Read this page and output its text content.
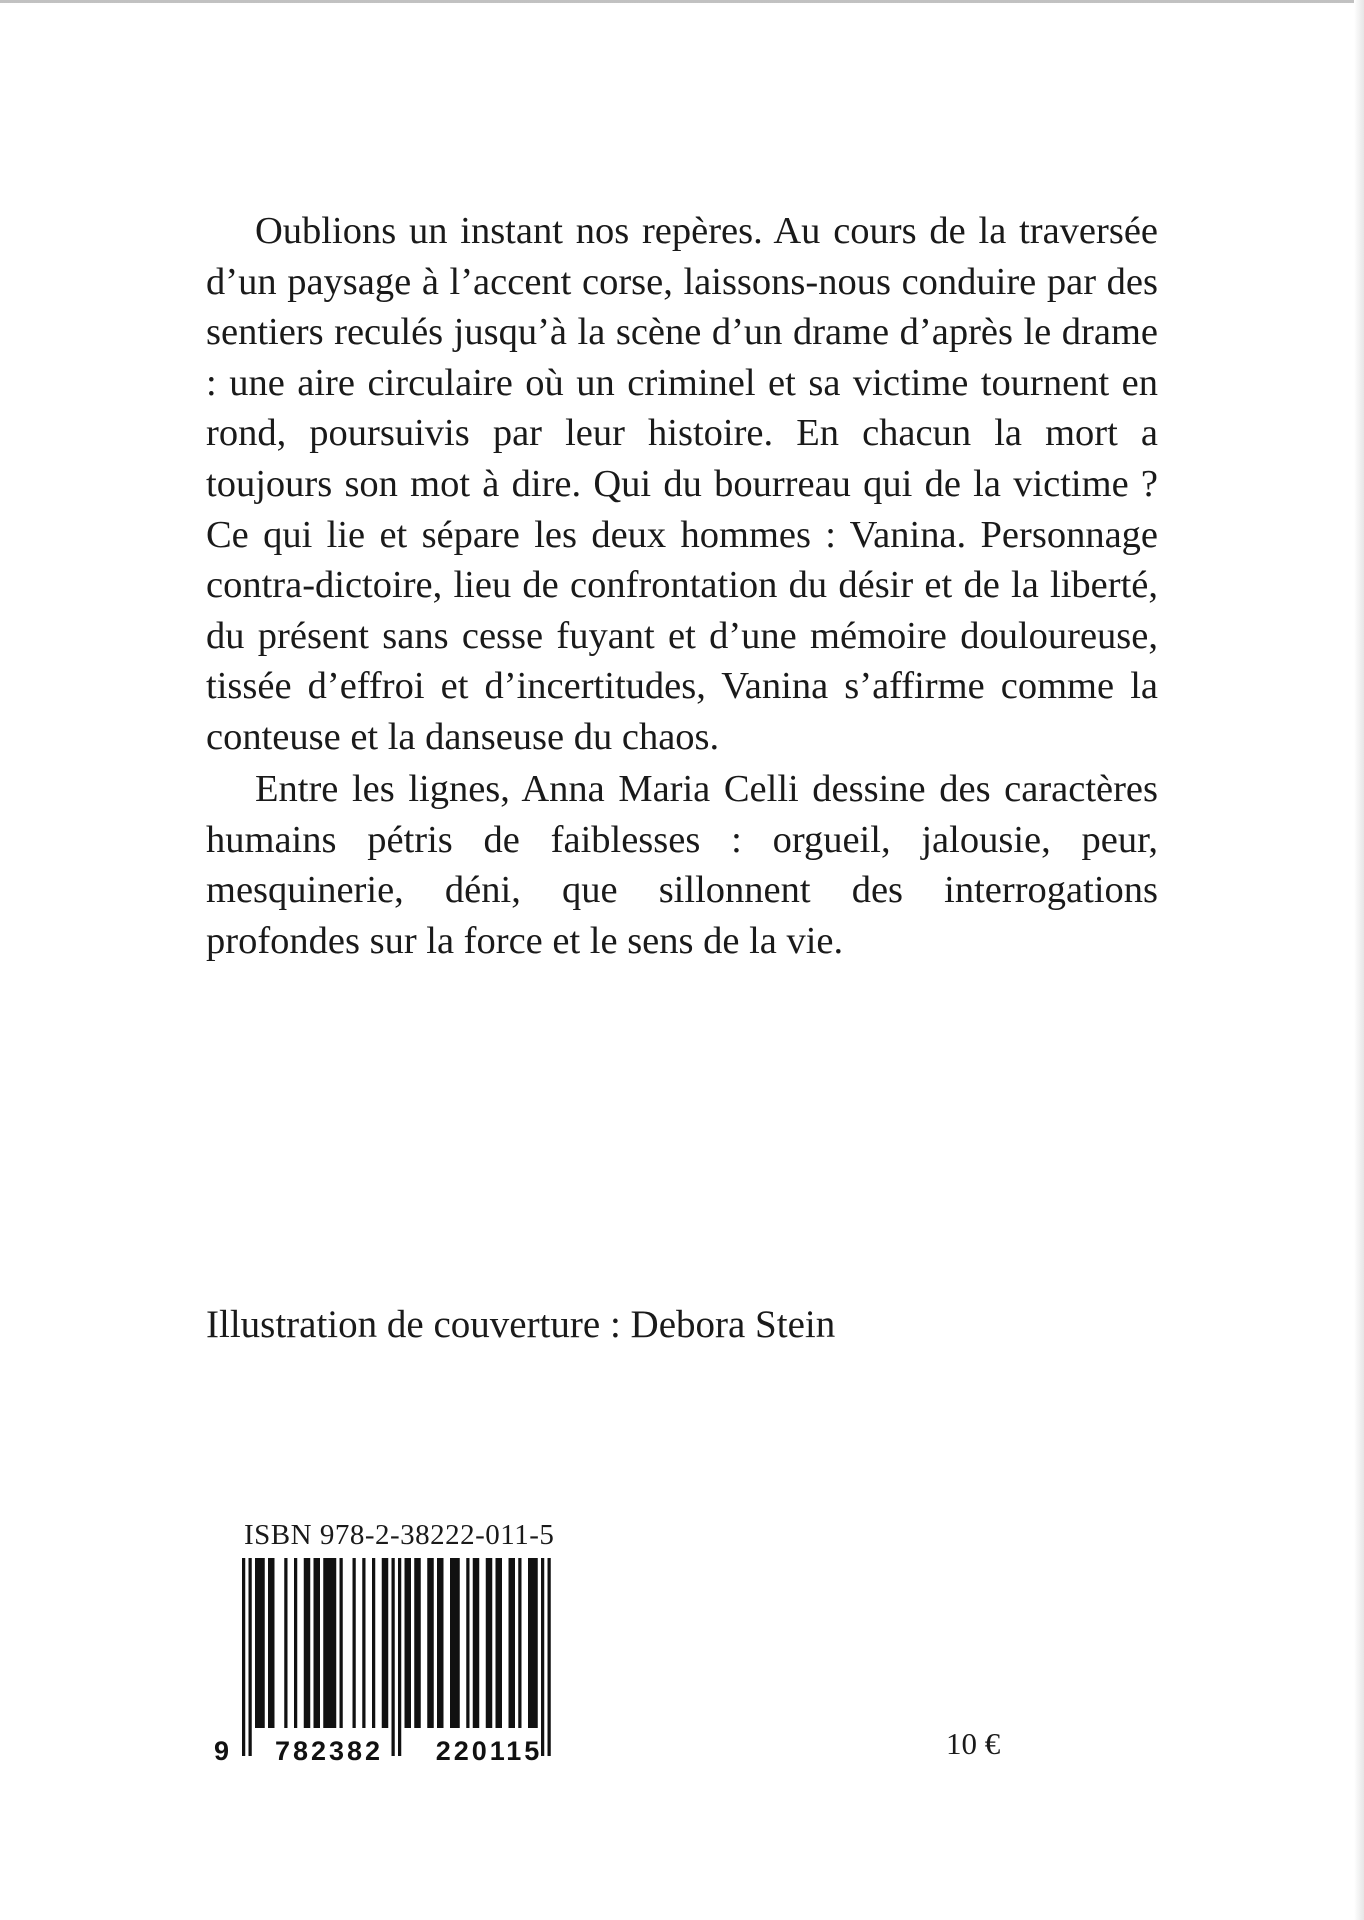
Oublions un instant nos repères. Au cours de la traversée d’un paysage à l’accent corse, laissons-nous conduire par des sentiers reculés jusqu’à la scène d’un drame d’après le drame : une aire circulaire où un criminel et sa victime tournent en rond, poursuivis par leur histoire. En chacun la mort a toujours son mot à dire. Qui du bourreau qui de la victime ? Ce qui lie et sépare les deux hommes : Vanina. Personnage contra-dictoire, lieu de confrontation du désir et de la liberté, du présent sans cesse fuyant et d’une mémoire douloureuse, tissée d’effroi et d’incertitudes, Vanina s’affirme comme la conteuse et la danseuse du chaos.

Entre les lignes, Anna Maria Celli dessine des caractères humains pétris de faiblesses : orgueil, jalousie, peur, mesquinerie, déni, que sillonnent des interrogations profondes sur la force et le sens de la vie.

Illustration de couverture : Debora Stein
ISBN 978-2-38222-011-5
9 782382 220115	10 €
